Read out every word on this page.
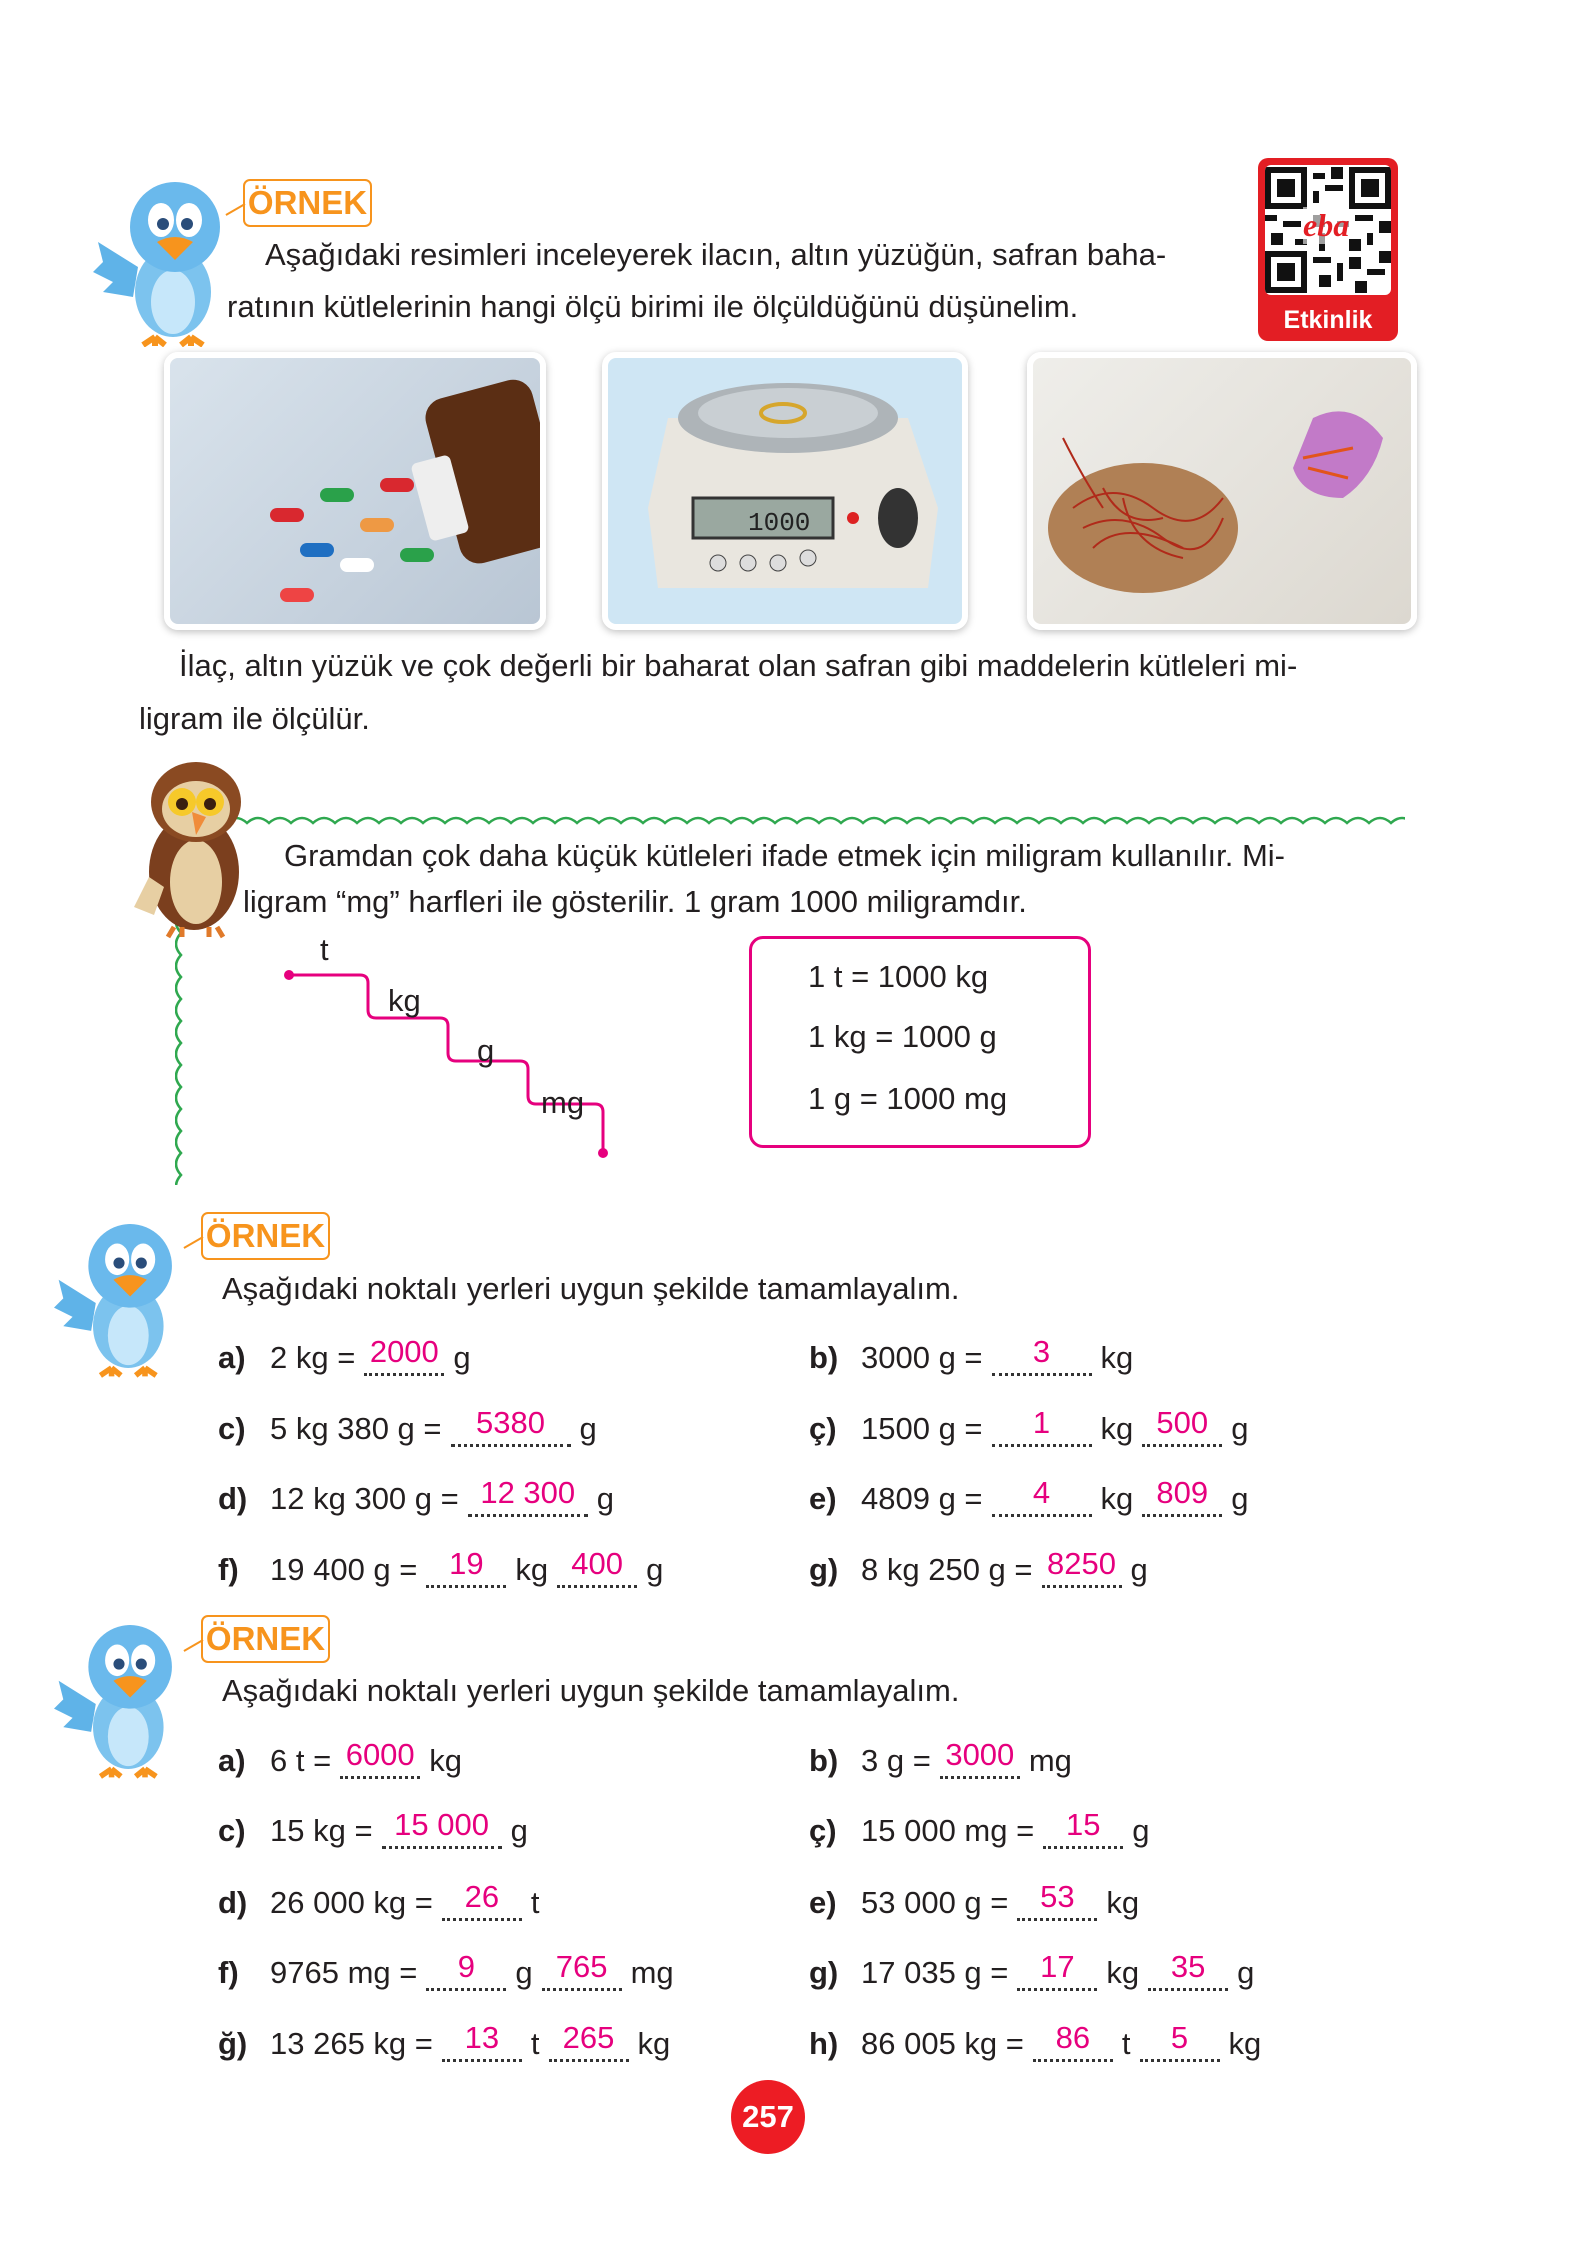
ÖRNEK
Aşağıdaki resimleri inceleyerek ilacın, altın yüzüğün, safran baha-
ratının kütlelerinin hangi ölçü birimi ile ölçüldüğünü düşünelim.
eba
Etkinlik
1000
İlaç, altın yüzük ve çok değerli bir baharat olan safran gibi maddelerin kütleleri mi-
ligram ile ölçülür.
Gramdan çok daha küçük kütleleri ifade etmek için miligram kullanılır. Mi-
ligram “mg” harfleri ile gösterilir. 1 gram 1000 miligramdır.
t
kg
g
mg
1 t = 1000 kg
1 kg = 1000 g
1 g = 1000 mg
ÖRNEK
Aşağıdaki noktalı yerleri uygun şekilde tamamlayalım.
a) 2 kg = 2000 g	b) 3000 g = 3 kg
c) 5 kg 380 g = 5380 g	ç) 1500 g = 1 kg 500 g
d) 12 kg 300 g = 12 300 g	e) 4809 g = 4 kg 809 g
f) 19 400 g = 19 kg 400 g	g) 8 kg 250 g = 8250 g
ÖRNEK
Aşağıdaki noktalı yerleri uygun şekilde tamamlayalım.
a) 6 t = 6000 kg	b) 3 g = 3000 mg
c) 15 kg = 15 000 g	ç) 15 000 mg = 15 g
d) 26 000 kg = 26 t	e) 53 000 g = 53 kg
f) 9765 mg = 9 g 765 mg	g) 17 035 g = 17 kg 35 g
ğ) 13 265 kg = 13 t 265 kg	h) 86 005 kg = 86 t 5 kg
257
